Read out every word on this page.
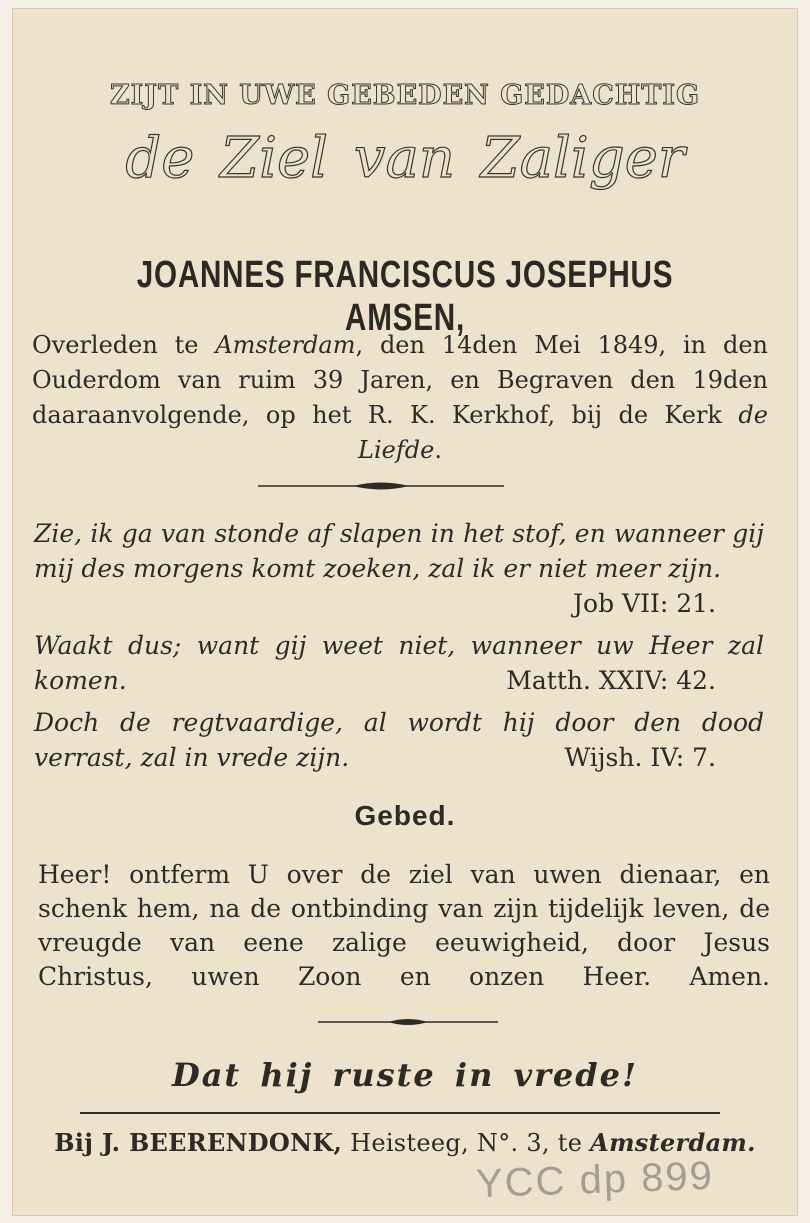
ZIJT IN UWE GEBEDEN GEDACHTIG
de Ziel van Zaliger
JOANNES FRANCISCUS JOSEPHUS AMSEN,
Overleden te Amsterdam, den 14den Mei 1849, in den Ouderdom van ruim 39 Jaren, en Begraven den 19den daaraanvolgende, op het R. K. Kerkhof, bij de Kerk de Liefde.
Zie, ik ga van stonde af slapen in het stof, en wanneer gij mij des morgens komt zoeken, zal ik er niet meer zijn.
Job VII: 21.
Waakt dus; want gij weet niet, wanneer uw Heer zal komen.	Matth. XXIV: 42.
Doch de regtvaardige, al wordt hij door den dood verrast, zal in vrede zijn.	Wijsh. IV: 7.
Gebed.
Heer! ontferm U over de ziel van uwen dienaar, en schenk hem, na de ontbinding van zijn tijdelijk leven, de vreugde van eene zalige eeuwigheid, door Jesus Christus, uwen Zoon en onzen Heer. Amen.
Dat hij ruste in vrede!
Bij J. BEERENDONK, Heisteeg, N°. 3, te Amsterdam.
YCC dp 899
